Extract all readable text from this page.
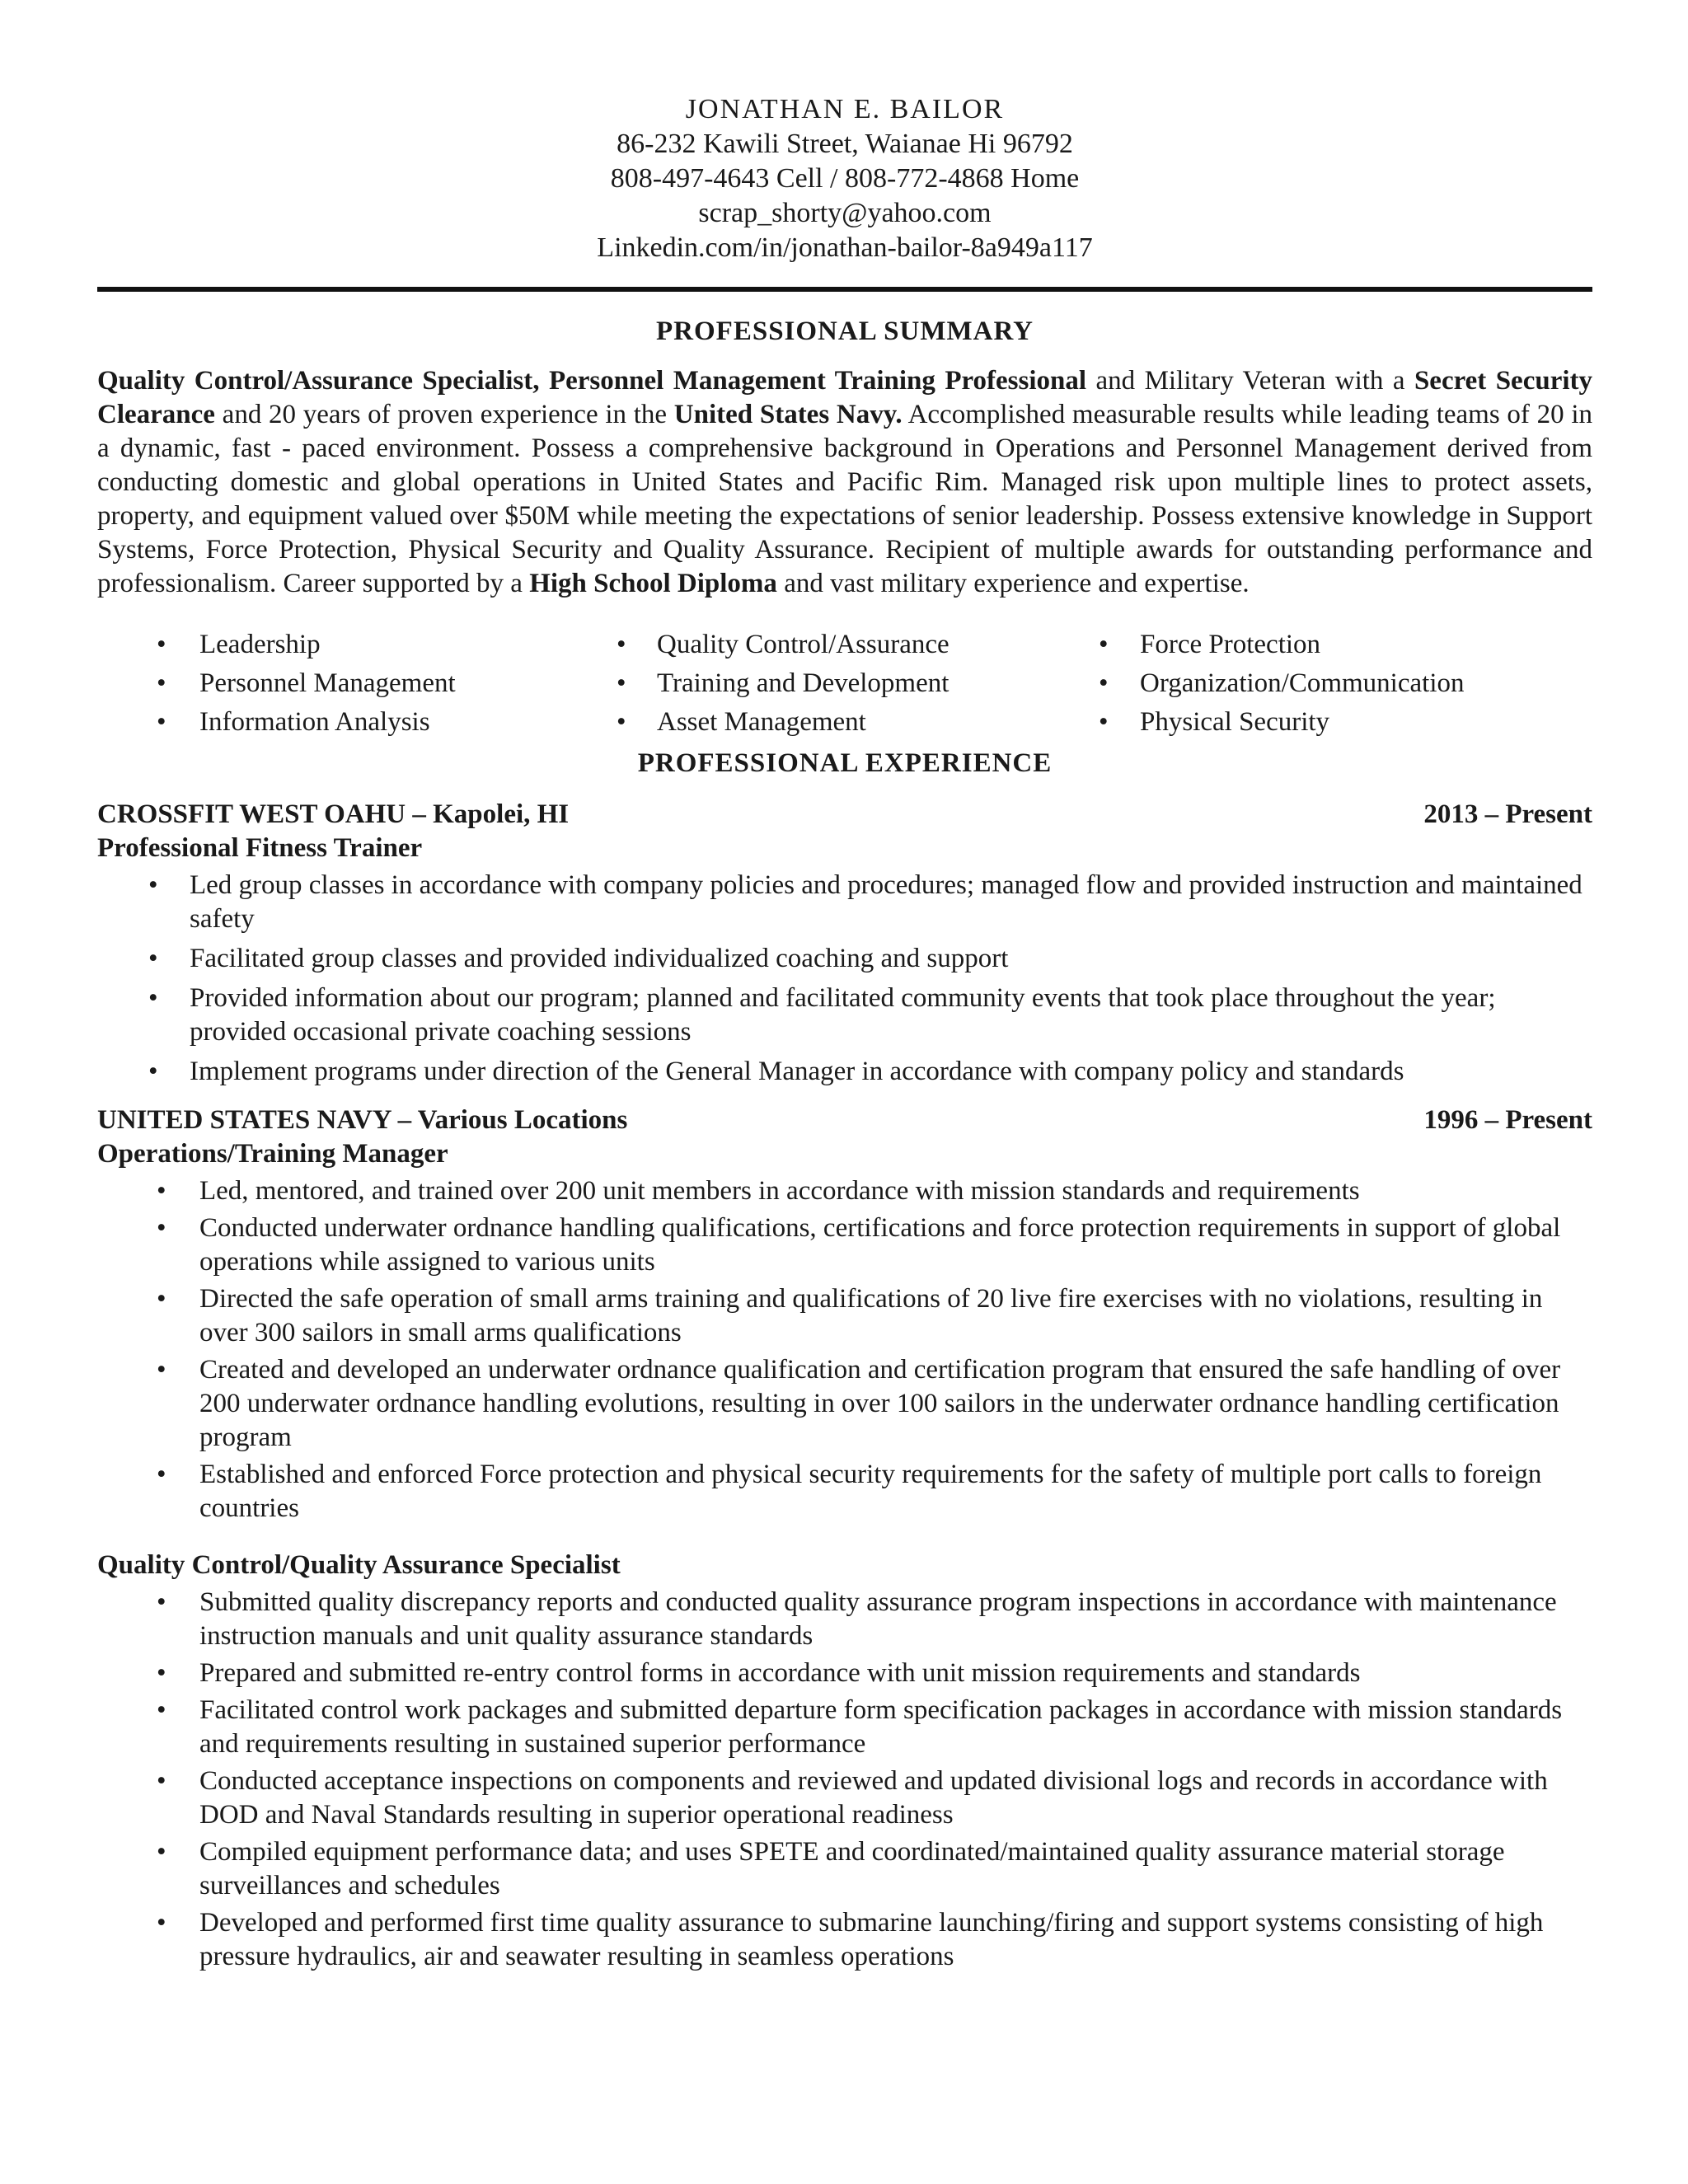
JONATHAN E. BAILOR
86-232 Kawili Street, Waianae Hi 96792
808-497-4643 Cell / 808-772-4868 Home
scrap_shorty@yahoo.com
Linkedin.com/in/jonathan-bailor-8a949a117
PROFESSIONAL SUMMARY
Quality Control/Assurance Specialist, Personnel Management Training Professional and Military Veteran with a Secret Security Clearance and 20 years of proven experience in the United States Navy. Accomplished measurable results while leading teams of 20 in a dynamic, fast - paced environment. Possess a comprehensive background in Operations and Personnel Management derived from conducting domestic and global operations in United States and Pacific Rim. Managed risk upon multiple lines to protect assets, property, and equipment valued over $50M while meeting the expectations of senior leadership. Possess extensive knowledge in Support Systems, Force Protection, Physical Security and Quality Assurance. Recipient of multiple awards for outstanding performance and professionalism. Career supported by a High School Diploma and vast military experience and expertise.
• Leadership
• Personnel Management
• Information Analysis
• Quality Control/Assurance
• Training and Development
• Asset Management
• Force Protection
• Organization/Communication
• Physical Security
PROFESSIONAL EXPERIENCE
CROSSFIT WEST OAHU – Kapolei, HI	2013 – Present
Professional Fitness Trainer
• Led group classes in accordance with company policies and procedures; managed flow and provided instruction and maintained safety
• Facilitated group classes and provided individualized coaching and support
• Provided information about our program; planned and facilitated community events that took place throughout the year; provided occasional private coaching sessions
• Implement programs under direction of the General Manager in accordance with company policy and standards
UNITED STATES NAVY – Various Locations	1996 – Present
Operations/Training Manager
• Led, mentored, and trained over 200 unit members in accordance with mission standards and requirements
• Conducted underwater ordnance handling qualifications, certifications and force protection requirements in support of global operations while assigned to various units
• Directed the safe operation of small arms training and qualifications of 20 live fire exercises with no violations, resulting in over 300 sailors in small arms qualifications
• Created and developed an underwater ordnance qualification and certification program that ensured the safe handling of over 200 underwater ordnance handling evolutions, resulting in over 100 sailors in the underwater ordnance handling certification program
• Established and enforced Force protection and physical security requirements for the safety of multiple port calls to foreign countries
Quality Control/Quality Assurance Specialist
• Submitted quality discrepancy reports and conducted quality assurance program inspections in accordance with maintenance instruction manuals and unit quality assurance standards
• Prepared and submitted re-entry control forms in accordance with unit mission requirements and standards
• Facilitated control work packages and submitted departure form specification packages in accordance with mission standards and requirements resulting in sustained superior performance
• Conducted acceptance inspections on components and reviewed and updated divisional logs and records in accordance with DOD and Naval Standards resulting in superior operational readiness
• Compiled equipment performance data; and uses SPETE and coordinated/maintained quality assurance material storage surveillances and schedules
• Developed and performed first time quality assurance to submarine launching/firing and support systems consisting of high pressure hydraulics, air and seawater resulting in seamless operations
